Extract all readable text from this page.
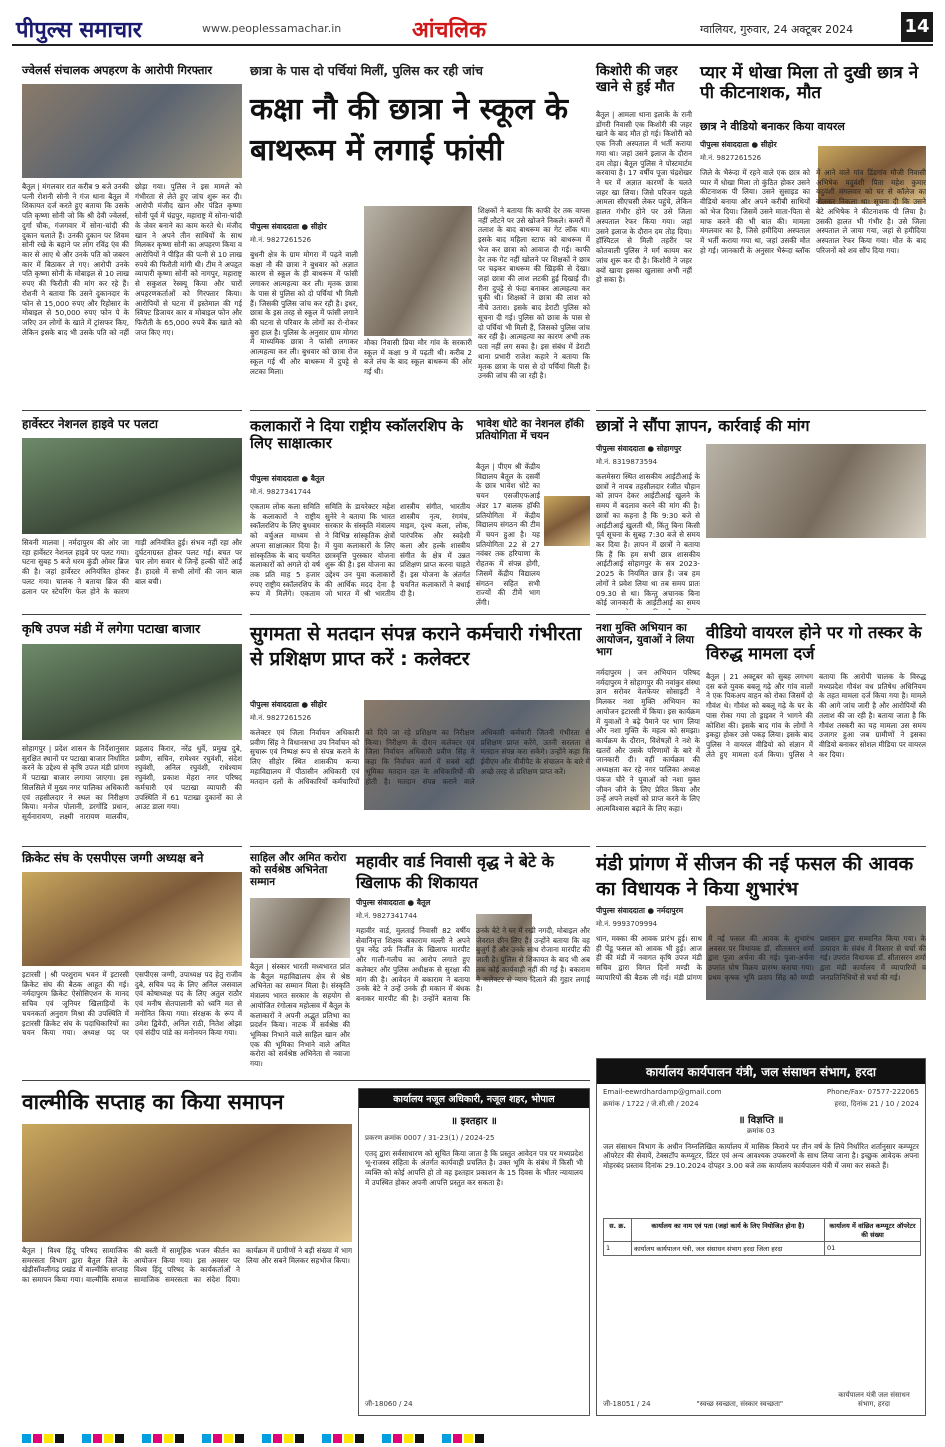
पीपुल्स समाचार	www.peoplessamachar.in	आंचलिक	ग्वालियर, गुरुवार, 24 अक्टूबर 2024	14
ज्वेलर्स संचालक अपहरण के आरोपी गिरफ्तार
बैतूल | मंगलवार रात करीब 9 बजे उनकी पत्नी रोशनी सोनी ने गंज थाना बैतूल में शिकायत दर्ज करते हुए बताया कि उसके पति कृष्णा सोनी जो कि श्री देवी ज्वेलर्स, दुर्गा चौक, गंजगवार में सोना-चांदी की दुकान चलाते हैं। उनकी दुकान पर शिवम सोनी रखे के बहाने पर लोग रविंद्र एंव की कार से आए थे और उनके पति को जबरन कार में बिठाकर ले गए। आरोपी उनके पति कृष्णा सोनी के मोबाइल से 10 लाख रुपए की फिरौती की मांग कर रहे हैं। रोशनी ने बताया कि उसने दुकानदार के फोन से 15,000 रुपए और रिहोसार के मोबाइल से 50,000 रुपए फोन पे के जरिए उन लोगों के खाते में ट्रांसफर किए, लेकिन इसके बाद भी उसके पति को नहीं छोड़ा गया। पुलिस ने इस मामले को गंभीरता से लेते हुए जांच शुरू कर दी। आरोपी मंजीद खान और पंडित कृष्णा सोनी पूर्व में चंद्रपुर, महाराष्ट्र में सोना-चांदी के जेवर बनाने का काम करते थे। मंजीद खान ने अपने तीन साथियों के साथ मिलकर कृष्णा सोनी का अपहरण किया व आरोपियों ने पीड़ित की पत्नी से 10 लाख रुपये की फिरौती मांगी थी। टीम ने अपहृत व्यापारी कृष्णा सोनी को नागपुर, महाराष्ट्र से सकुशल रेस्क्यू किया और चारों अपहरणकर्ताओं को गिरफ्तार किया। आरोपियों से घटना में इस्तेमाल की गई स्विफ्ट डिजायर कार व मोबाइल फोन और फिरौती के 65,000 रुपये बैंक खाते को जप्त किए गए।
छात्रा के पास दो पर्चियां मिलीं, पुलिस कर रही जांच
कक्षा नौ की छात्रा ने स्कूल के बाथरूम में लगाई फांसी
पीपुल्स संवाददाता ● सीहोर
मो.नं. 9827261526
बुधनी क्षेत्र के ग्राम मोगरा में पढ़ने वाली कक्षा नौ की छात्रा ने बुधवार को अज्ञात कारण से स्कूल के ही बाथरूम में फांसी लगाकर आत्महत्या कर ली। मृतक छात्रा के पास से पुलिस को दो पर्चियां भी मिली हैं। जिसकी पुलिस जांच कर रही है। इधर, छात्रा के इस तरह से स्कूल में फांसी लगाने की घटना से परिवार के लोगों का रो-रोकर बुरा हाल है। पुलिस के अनुसार ग्राम मोगरा में माध्यमिक छात्रा ने फांसी लगाकर आत्महत्या कर ली। बुधवार को छात्रा रोज स्कूल गई थी और बाथरूम में दुपट्टे से लटका मिला।
मौका निवासी प्रिया मौर गांव के सरकारी स्कूल में कक्षा 9 में पढ़ती थी। करीब 2 बजे लंच के बाद स्कूल बाथरूम की ओर गई थी।
शिक्षकों ने बताया कि काफी देर तक वापस नहीं लौटने पर उसे खोजने निकले। कमरों में तलाश के बाद बाथरूम का गेट लॉक था। इसके बाद महिला स्टाफ को बाथरूम में भेज कर छात्रा को आवाज दी गई। काफी देर तक गेट नहीं खोलने पर शिक्षकों ने छात्र पर चढ़कर बाथरूम की खिड़की से देखा। जहां छात्रा की लाश लटकी हुई दिखाई दी। रीना दुपट्टे से फंदा बनाकर आत्महत्या कर चुकी थी। शिक्षकों ने छात्रा की लाश को नीचे उतारा। इसके बाद डेराटी पुलिस को सूचना दी गई। पुलिस को छात्रा के पास से दो पर्चियां भी मिली हैं, जिसको पुलिस जांच कर रही है। आत्महत्या का कारण अभी तक पता नहीं लग सका है। इस संबंध में डेराटी थाना प्रभारी राजेश कहारे ने बताया कि मृतक छात्रा के पास से दो पर्चियां मिली हैं। उनकी जांच की जा रही है।
किशोरी की जहर खाने से हुई मौत
बैतूल | आमला थाना इलाके के रानी डोंगरी निवासी एक किशोरी की जहर खाने के बाद मौत हो गई। किशोरी को एक निजी अस्पताल में भर्ती कराया गया था। जहां उसने इलाज के दौरान दम तोड़ा। बैतूल पुलिस ने पोस्टमार्टम करवाया है। 17 वर्षीय पूजा चंद्रशेखर ने घर में अज्ञात कारणों के चलते जहर खा लिया। जिसे परिजन पहले आमला सीएचसी लेकर पहुंचे, लेकिन हालत गंभीर होने पर उसे जिला अस्पताल रेफर किया गया। जहां उसने इलाज के दौरान दम तोड़ दिया। हॉस्पिटल से मिली तहरीर पर कोतवाली पुलिस ने मर्ग कायम कर जांच शुरू कर दी है। किशोरी ने जहर क्यों खाया इसका खुलासा अभी नहीं हो सका है।
प्यार में धोखा मिला तो दुखी छात्र ने पी कीटनाशक, मौत
छात्र ने वीडियो बनाकर किया वायरल
पीपुल्स संवाददाता ● सीहोर
मो.नं. 9827261526
जिले के भैरूंदा में रहने वाले एक छात्र को प्यार में धोखा मिला तो कुंठित होकर उसने कीटनाशक पी लिया। उसने सुसाइड का वीडियो बनाया और अपने करीबी साथियों को भेज दिया। जिसमें उसने माता-पिता से माफ करने की भी बात की। मामला मंगलवार का है, जिसे हमीदिया अस्पताल में भर्ती कराया गया था, जहां उसकी मौत हो गई। जानकारी के अनुसार भैरूंदा ब्लॉक में आने वाले गांव डिंडगांव मौजी निवासी अभिषेक यदुवंशी पिता महेश कुमार यदुवंशी मंगलवार को घर से कॉलेज का बोलकर निकला था। सूचना दी कि उसने बेटे अभिषेक ने कीटनाशक पी लिया है। उसकी हालत भी गंभीर है। उसे जिला अस्पताल ले जाया गया, जहां से हमीदिया अस्पताल रेफर किया गया। मौत के बाद परिजनों को शव सौंप दिया गया।
हार्वेस्टर नेशनल हाइवे पर पलटा
सिवनी मालवा | नर्मदापुरम की ओर जा रहा हार्वेस्टर नेशनल हाइवे पर पलट गया। घटना सुबह 5 बजे धरम कुंडी ओवर ब्रिज की है। जहां हार्वेस्टर अनियंत्रित होकर पलट गया। चालक ने बताया ब्रिज की ढलान पर स्टेयरिंग फेल होने के कारण गाड़ी अनियंत्रित हुई। संभव नहीं रहा और दुर्घटनाग्रस्त होकर पलट गई। बचत पर चार लोग सवार थे जिन्हें हल्की चोटें आईं हैं। हादसे में सभी लोगों की जान बाल बाल बची।
कलाकारों ने दिया राष्ट्रीय स्कॉलरशिप के लिए साक्षात्कार
पीपुल्स संवाददाता ● बैतूल
मो.नं. 9827341744
एकताम लोक कला समिति के कलाकारों ने राष्ट्रीय स्कॉलरशिप के लिए बुधवार को वर्चुअल माध्यम से अपना साक्षात्कार दिया है। सांस्कृतिक के बाद चयनित कलाकारों को अगले दो वर्ष तक प्रति माह 5 हजार रुपए राष्ट्रीय स्कॉलरशिप के रूप में मिलेंगे। एकताम समिति के डायरेक्टर महेश सुनेरे ने बताया कि भारत सरकार के संस्कृति मंत्रालय ने विभिन्न सांस्कृतिक क्षेत्रों में युवा कलाकारों के लिए छात्रवृत्ति पुरस्कार योजना शुरू की है। इस योजना का उद्देश्य उन युवा कलाकारों की आर्थिक मदद देना है जो भारत में श्री भारतीय शास्त्रीय संगीत, भारतीय शास्त्रीय नृत्य, रंगमंच, माइम, दृश्य कला, लोक, पारंपरिक और स्वदेशी कला और हल्के शास्त्रीय संगीत के क्षेत्र में उन्नत प्रशिक्षण प्राप्त करना चाहते हैं। इस योजना के अंतर्गत चयनित कलाकारों ने बधाई दी है।
भावेश धोटे का नेशनल हॉकी प्रतियोगिता में चयन
बैतूल | पीएम श्री केंद्रीय विद्यालय बैतूल के दसवीं के छात्र भावेश धोटे का चयन एसजीएफआई अंडर 17 बालक हॉकी प्रतियोगिता में केंद्रीय विद्यालय संगठन की टीम में चयन हुआ है। यह प्रतियोगिता 22 से 27 नवंबर तक हरियाणा के रोहतक में संपन्न होगी, जिसमें केंद्रीय विद्यालय संगठन सहित सभी राज्यों की टीमें भाग लेंगी।
छात्रों ने सौंपा ज्ञापन, कार्रवाई की मांग
पीपुल्स संवाददाता ● सोहागपुर
मो.नं. 8319873594
कलमेसरा स्थित शासकीय आईटीआई के छात्रों ने नायब तहसीलदार रंजीत चौहान को ज्ञापन देकर आईटीआई खुलने के समय में बदलाव करने की मांग की है। छात्रों का कहना है कि 9:30 बजे से आईटीआई खुलती थी, किंतु बिना किसी पूर्व सूचना के सुबह 7:30 बजे से समय कर दिया है। ज्ञापन में छात्रों ने बताया कि हैं कि हम सभी छात्र शासकीय आईटीआई सोहागपुर के सत्र 2023-2025 के नियमित छात्र हैं। जब हम लोगों ने प्रवेश लिया था तब समय प्रातः 09.30 से था। किन्तु अचानक बिना कोई जानकारी के आईटीआई का समय
कृषि उपज मंडी में लगेगा पटाखा बाजार
सोहागपुर | प्रदेश शासन के निर्देशानुसार सुरक्षित स्थानों पर पटाखा बाजार निर्धारित करने के उद्देश्य से कृषि उपज मंडी प्रांगण में पटाखा बाजार लगाया जाएगा। इस सिलसिले में मुख्य नगर पालिका अधिकारी एवं तहसीलदार ने स्थल का निरीक्षण किया। मनोज पोलानी, डरगोंडि प्रधान, सूर्यनारायण, लक्ष्मी नारायण मालवीय, प्रहलाद किरार, नरेंद्र धुर्वे, प्रमुख दुबे, प्रवीण, सचिन, रामेश्वर रघुवंशी, संदेश रघुवंशी, अनिल रघुवंशी, राधेश्याम रघुवंशी, प्रकाश मेहरा नगर परिषद कर्मचारी एवं पटाखा व्यापारी की उपस्थिति में 61 पटाखा दुकानों का ले आउट डाला गया।
सुगमता से मतदान संपन्न कराने कर्मचारी गंभीरता से प्रशिक्षण प्राप्त करें : कलेक्टर
पीपुल्स संवाददाता ● सीहोर
मो.नं. 9827261526
कलेक्टर एवं जिला निर्वाचन अधिकारी प्रवीण सिंह ने विधानसभा उप निर्वाचन को सुचारू एवं निष्पक्ष रूप से संपन्न कराने के लिए सीहोर स्थित शासकीय कन्या महाविद्यालय में पीठासीन अधिकारी एवं मतदान दलों के अधिकारियों कर्मचारियों को दिये जा रहे प्रशिक्षण का निरीक्षण किया। निरीक्षण के दौरान कलेक्टर एवं जिला निर्वाचन अधिकारी प्रवीण सिंह ने कहा कि निर्वाचन कार्य में सबसे बड़ी भूमिका मतदान दल के अधिकारियों की होती है। मतदान संपन्न कराने वाले अधिकारी कर्मचारी जितनी गंभीरता से प्रशिक्षण प्राप्त करेंगे, उतनी सरलता से मतदान संपन्न करा सकेंगे। उन्होंने कहा कि ईवीएम और वीवीपैट के संचालन के बारे में अच्छे तरह से प्रशिक्षण प्राप्त करें।
नशा मुक्ति अभियान का आयोजन, युवाओं ने लिया भाग
नर्मदापुरम | जन अभियान परिषद नर्मदापुरम ने सोहागपुर की नवांकुर संस्था ज्ञान सरोवर वेलफेयर सोसाइटी ने मिलकर नशा मुक्ति अभियान का आयोजन इटारसी में किया। इस कार्यक्रम में युवाओं ने बढ़े पैमाने पर भाग लिया और नशा मुक्ति के महत्व को समझा। कार्यक्रम के दौरान, विशेषज्ञों ने नशे के खतरों और उसके परिणामों के बारे में जानकारी दी। वहीं कार्यक्रम की अध्यक्षता कर रहे नगर पालिका अध्यक्ष पंकज चौरे ने युवाओं को नशा मुक्त जीवन जीने के लिए प्रेरित किया और उन्हें अपने लक्ष्यों को प्राप्त करने के लिए आत्मविश्वास बढ़ाने के लिए कहा।
वीडियो वायरल होने पर गो तस्कर के विरुद्ध मामला दर्ज
बैतूल | 21 अक्टूबर को सुबह लगभग दस बजे युवक बबलू गढ़े और गांव वालों ने एक पिकअप वाहन को रोका जिसमें दो गौवंश थे। गौवंश को बबलू गढ़े के घर के पास रोका गया तो ड्राइवर ने भागने की कोशिश की। इसके बाद गांव के लोगों ने इकट्ठा होकर उसे पकड़ लिया। इसके बाद पुलिस ने वायरल वीडियो को संज्ञान में लेते हुए मामला दर्ज किया। पुलिस ने बताया कि आरोपी चालक के विरुद्ध मध्यप्रदेश गौवंश वध प्रतिषेध अधिनियम के तहत मामला दर्ज किया गया है। मामले की आगे जांच जारी है और आरोपियों की तलाश की जा रही है। बताया जाता है कि गौवंश तस्करी का यह मामला उस समय उजागर हुआ जब ग्रामीणों ने इसका वीडियो बनाकर सोशल मीडिया पर वायरल कर दिया।
क्रिकेट संघ के एसपीएस जग्गी अध्यक्ष बने
इटारसी | श्री परशुराम भवन में इटारसी क्रिकेट संघ की बैठक आहूत की गई। नर्मदापुरम क्रिकेट ऐसोसिएशन के मानद सचिव एवं जूनियर खिलाड़ियों के चयनकर्ता अनुराग मिश्रा की उपस्थिति में इटारसी क्रिकेट संघ के पदाधिकारियों का चयन किया गया। अध्यक्ष पद पर एसपीएस जग्गी, उपाध्यक्ष पद हेतु राजीव दुबे, सचिव पद के लिए अनिल जसवाल एवं कोषाध्यक्ष पद के लिए अतुल राठौर एवं मनीष सेतपालानी को ध्वनि मत से मनोनित किया गया। संरक्षक के रूप में उमेश द्विवेदी, अनिल राठी, नितेश ओझा एवं संदीप पांडे का मनोनयन किया गया।
साहिल और अमित करोरा को सर्वश्रेष्ठ अभिनेता सम्मान
बैतूल | संस्कार भारती मध्यभारत प्रांत के बैतूल महाविद्यालय क्षेत्र से श्रेष्ठ अभिनेता का सम्मान मिला है। संस्कृति मंत्रालय भारत सरकार के सहयोग से आयोजित रंगोत्सव महोत्सव में बैतूल के कलाकारों ने अपनी अद्भुत प्रतिभा का प्रदर्शन किया। नाटक में सर्वश्रेष्ठ की भूमिका निभाने वाले साहिल खान और एक की भूमिका निभाने वाले अमित करोरा को सर्वश्रेष्ठ अभिनेता से नवाजा गया।
महावीर वार्ड निवासी वृद्ध ने बेटे के खिलाफ की शिकायत
पीपुल्स संवाददाता ● बैतूल
मो.नं. 9827341744
महावीर वार्ड, मुलताई निवासी 82 वर्षीय सेवानिवृत्त शिक्षक बकाराम मल्ली ने अपने पुत्र नरेंद्र उर्फ निर्जीत के खिलाफ मारपीट और गाली-गलौच का आरोप लगाते हुए कलेक्टर और पुलिस अधीक्षक से सुरक्षा की मांग की है। आवेदन में बकाराम ने बताया उनके बेटे ने उन्हें उनके ही मकान में बंधक बनाकर मारपीट की है। उन्होंने बताया कि उनके बेटे ने घर में रखी नगदी, मोबाइल और जेवरात छीन लिए हैं। उन्होंने बताया कि वह बुजुर्ग हैं और उनके साथ रोजाना मारपीट की जाती है। पुलिस से शिकायत के बाद भी अब तक कोई कार्यवाही नहीं की गई है। बकाराम ने कलेक्टर से न्याय दिलाने की गुहार लगाई है।
मंडी प्रांगण में सीजन की नई फसल की आवक का विधायक ने किया शुभारंभ
पीपुल्स संवाददाता ● नर्मदापुरम
मो.नं. 9993709994
धान, मक्का की आवक प्रारंभ हुई। साथ ही पेंडू फसल को आवक भी हुई। आज ही की मंडी में नवागत कृषि उपज मंडी सचिव द्वारा विगत दिनों मण्डी के व्यापारियों की बैठक ली गई। मंडी प्रांगण में नई फसल की आवक के शुभारंभ अवसर पर विधायक डॉ. सीतासरन शर्मा द्वारा पूजा अर्चना की गई। पूजा-अर्चना उपरांत घोष विक्रय प्रारम्भ कराया गया। प्रथम कृषक भूमि प्रताप सिंह को मण्डी प्रशासन द्वारा सम्मानित किया गया। के उत्पादन के संबंध में विस्तार से चर्चा की गई। उपरांत विधायक डॉ. सीतासरन शर्मा द्वारा मंडी कार्यालय में व्यापारियों व जनप्रतिनिधियों से चर्चा की गई।
वाल्मीकि सप्ताह का किया समापन
बैतूल | विश्व हिंदू परिषद सामाजिक समरसता विभाग द्वारा बैतूल जिले के खेड़ीसाँवलीगढ़ प्रखंड में वाल्मीकि सप्ताह का समापन किया गया। वाल्मीकि समाज की बस्ती में सामूहिक भजन कीर्तन का आयोजन किया गया। इस अवसर पर विश्व हिंदू परिषद के कार्यकर्ताओं ने सामाजिक समरसता का संदेश दिया। कार्यक्रम में ग्रामीणों ने बड़ी संख्या में भाग लिया और सबने मिलकर सहभोज किया।
कार्यालय नजूल अधिकारी, नजूल शहर, भोपाल
॥ इश्तहार ॥
प्रकरण क्रमांक 0007 / 31-23(1) / 2024-25
एतद् द्वारा सर्वसाधारण को सूचित किया जाता है कि प्रस्तुत आवेदन पत्र पर मध्यप्रदेश भू-राजस्व संहिता के अंतर्गत कार्यवाही प्रचलित है। उक्त भूमि के संबंध में किसी भी व्यक्ति को कोई आपत्ति हो तो वह इश्तहार प्रकाशन के 15 दिवस के भीतर न्यायालय में उपस्थित होकर अपनी आपत्ति प्रस्तुत कर सकता है।
जी-18060 / 24
कार्यालय कार्यपालन यंत्री, जल संसाधन संभाग, हरदा
Email-eewrdhardamp@gmail.com	Phone/Fax- 07577-222065
क्रमांक / 1722 / जे.सी.सी / 2024	हरदा, दिनांक 21 / 10 / 2024
॥ विज्ञप्ति ॥
क्रमांक 03
जल संसाधन विभाग के अधीन निम्नलिखित कार्यालय में मासिक किराये पर तीन वर्ष के लिये निर्धारित शर्तानुसार कम्प्यूटर ऑपरेटर की सेवायें, टेक्सटॉप कम्प्यूटर, प्रिंटर एवं अन्य आवश्यक उपकरणों के साथ लिया जाना है। इच्छुक आवेदक अपना मोहरबंद प्रस्ताव दिनांक 29.10.2024 दोपहर 3.00 बजे तक कार्यालय कार्यपालन यंत्री में जमा कर सकते हैं।
स. क्र.	कार्यालय का नाम एवं पता (जहां कार्य के लिए नियोजित होना है)	कार्यालय में वांछित कम्प्यूटर ऑपरेटर की संख्या
1	कार्यालय कार्यपालन यंत्री, जल संसाधन संभाग हरदा जिला हरदा	01
जी-18051 / 24	"स्वच्छ स्वच्छता, संस्कार स्वच्छता"
कार्यपालन यंत्री जल संसाधन संभाग, हरदा
